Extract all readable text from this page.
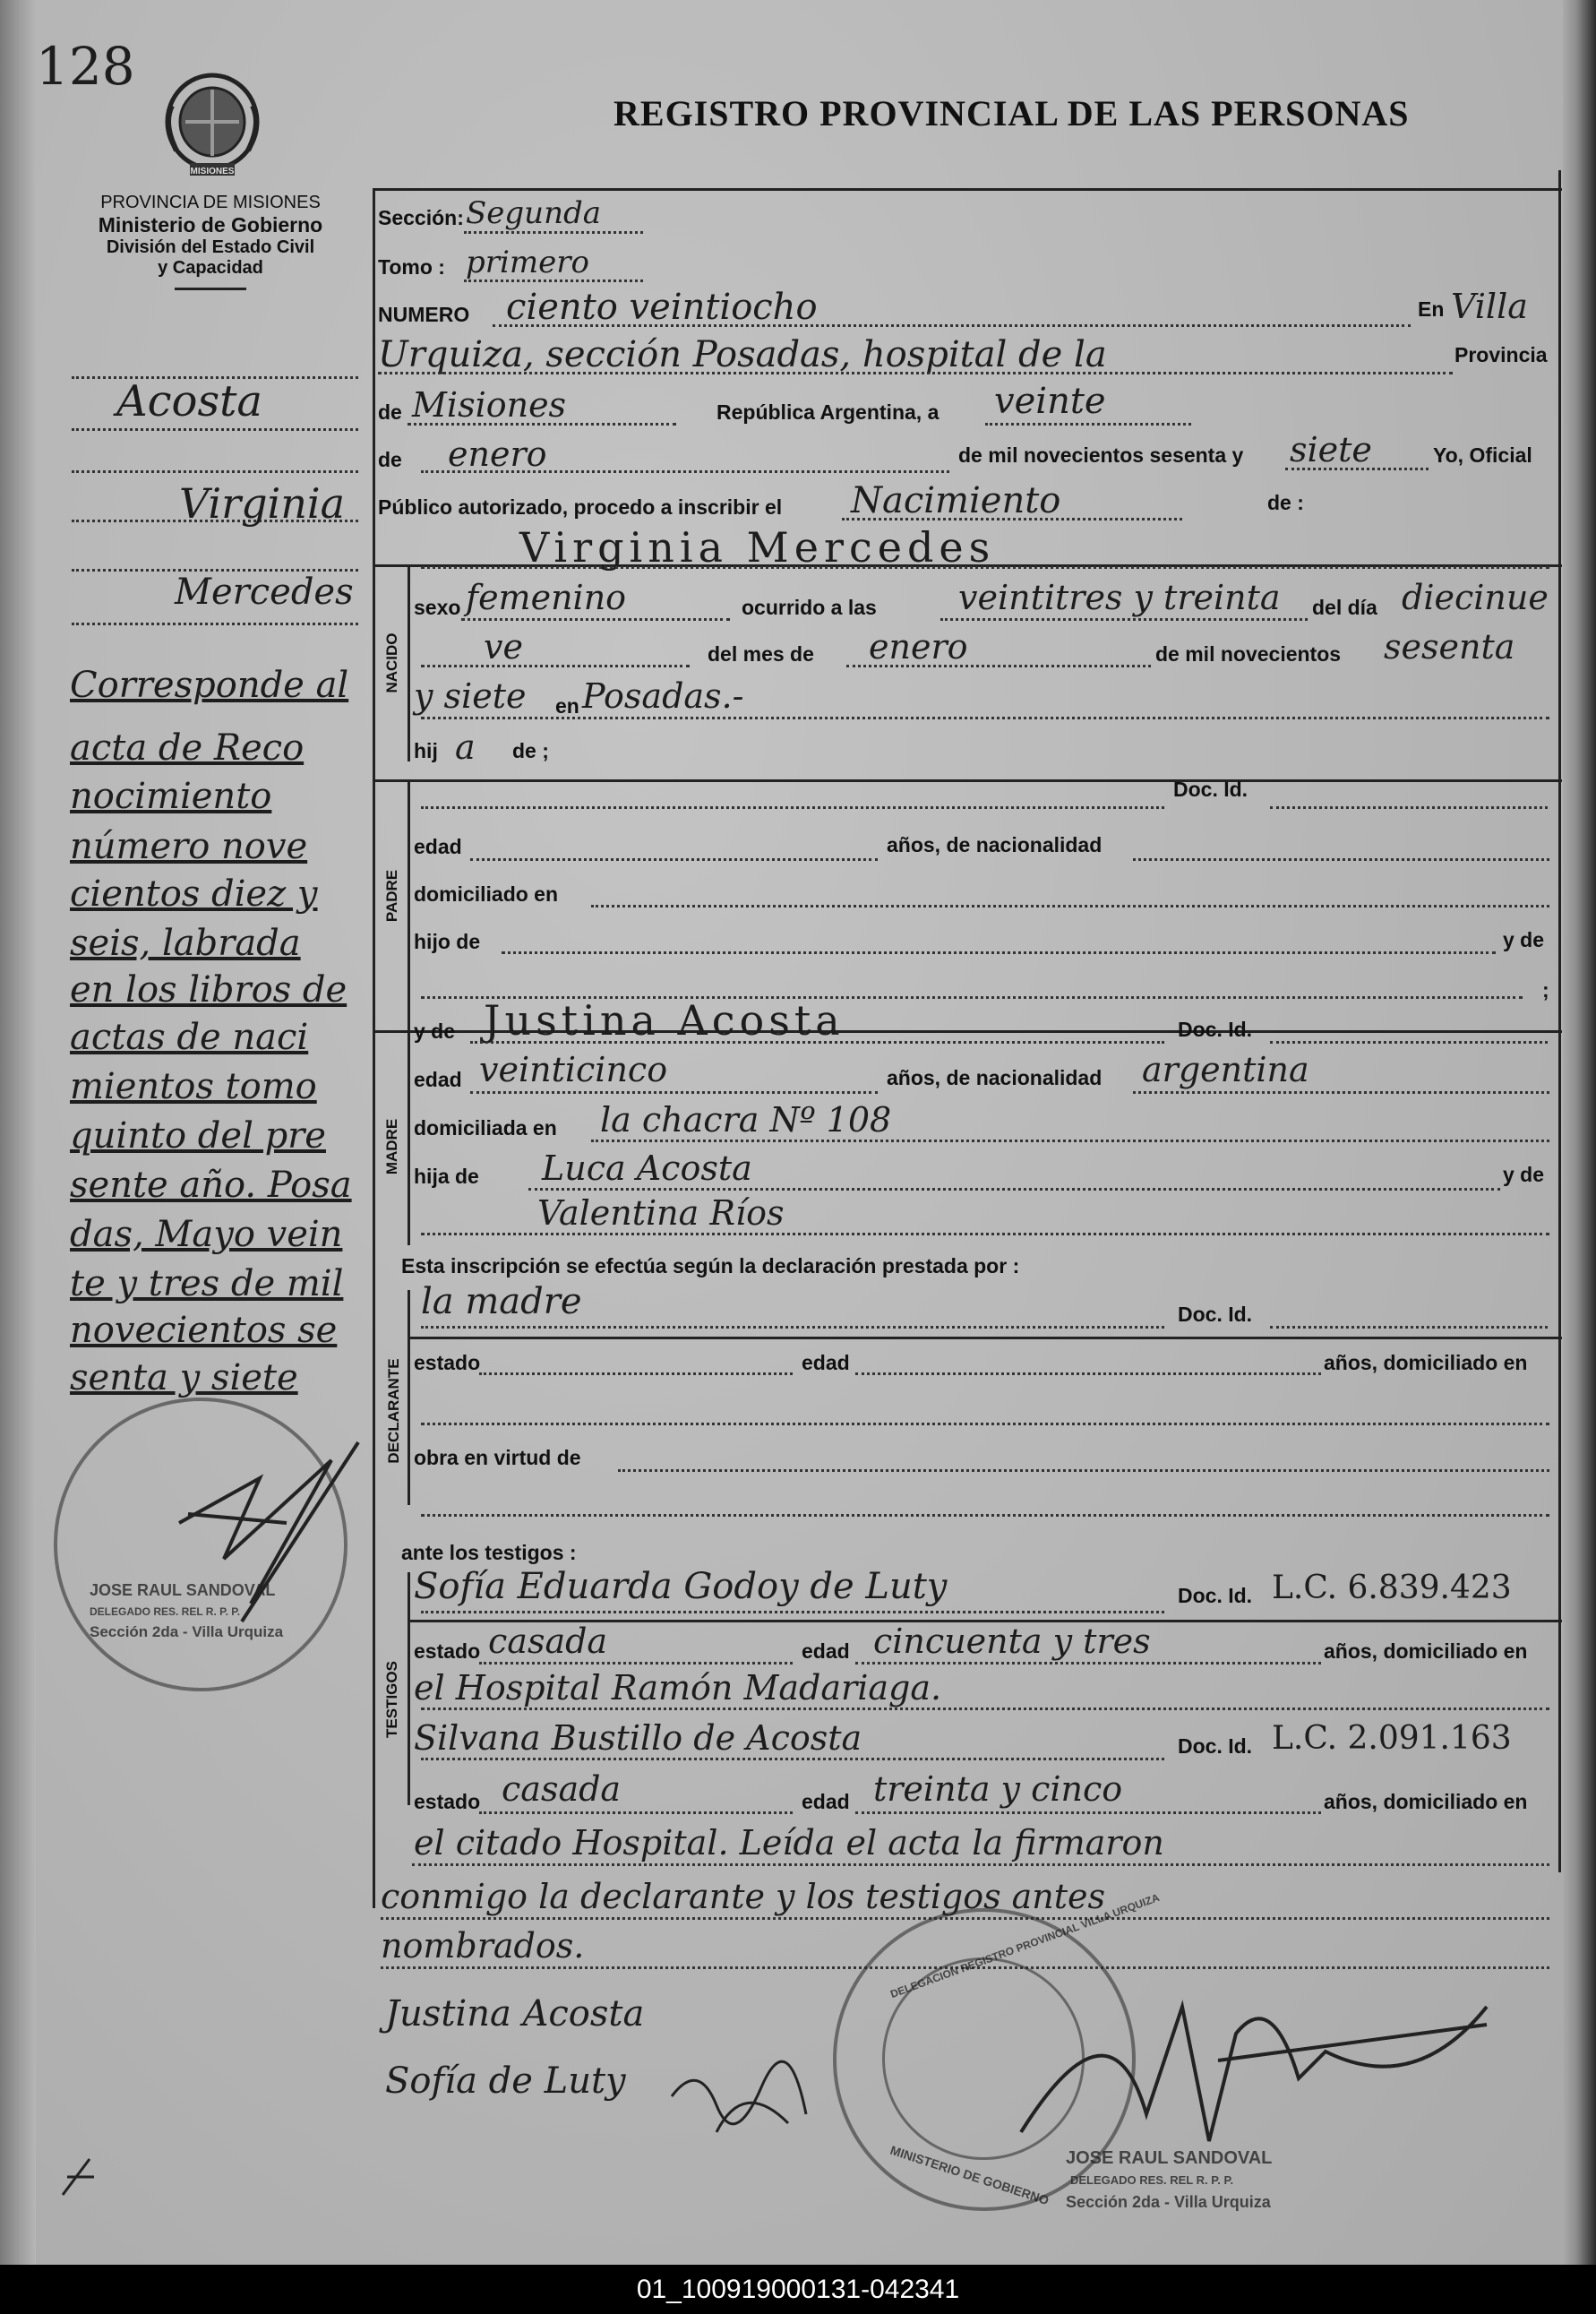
128
MISIONES
PROVINCIA DE MISIONES
Ministerio de Gobierno
División del Estado Civil
y Capacidad
REGISTRO PROVINCIAL DE LAS PERSONAS
Acosta
Virginia
Mercedes
Corresponde al
acta de Reco
nocimiento
número nove
cientos diez y
seis, labrada
en los libros de
actas de naci
mientos tomo
quinto del pre
sente año. Posa
das, Mayo vein
te y tres de mil
novecientos se
senta y siete
JOSE RAUL SANDOVAL
DELEGADO RES. REL R. P. P.
Sección 2da - Villa Urquiza
Sección: Segunda
Tomo : primero
NUMERO ciento veintiocho	En Villa
Urquiza, sección Posadas, hospital de la	Provincia
de Misiones	República Argentina, a veinte
de enero	de mil novecientos sesenta y siete	Yo, Oficial
Público autorizado, procedo a inscribir el Nacimiento	de :
NACIDO
Virginia Mercedes
sexo femenino	ocurrido a las veintitres y treinta del día diecinue
ve	del mes de enero	de mil novecientos sesenta
y siete en Posadas.-
hij a de ;
PADRE
Doc. Id.
edad	años, de nacionalidad
domiciliado en
hijo de	y de
;
MADRE
y de Justina Acosta	Doc. Id.
edad veinticinco	años, de nacionalidad argentina
domiciliada en la chacra Nº 108
hija de Luca Acosta	y de
Valentina Ríos
Esta inscripción se efectúa según la declaración prestada por :
DECLARANTE
la madre	Doc. Id.
estado	edad	años, domiciliado en
obra en virtud de
ante los testigos :
TESTIGOS
Sofía Eduarda Godoy de Luty	Doc. Id. L.C. 6.839.423
estado casada	edad cincuenta y tres	años, domiciliado en
el Hospital Ramón Madariaga.
Silvana Bustillo de Acosta	Doc. Id. L.C. 2.091.163
estado casada	edad treinta y cinco	años, domiciliado en
el citado Hospital. Leída el acta la firmaron
conmigo la declarante y los testigos antes
nombrados.
Justina Acosta
Sofía de Luty
DELEGACION REGISTRO PROVINCIAL VILLA URQUIZA
MINISTERIO DE GOBIERNO JOSE RAUL SANDOVAL
DELEGADO RES. REL R. P. P.
Sección 2da - Villa Urquiza
01_100919000131-042341
